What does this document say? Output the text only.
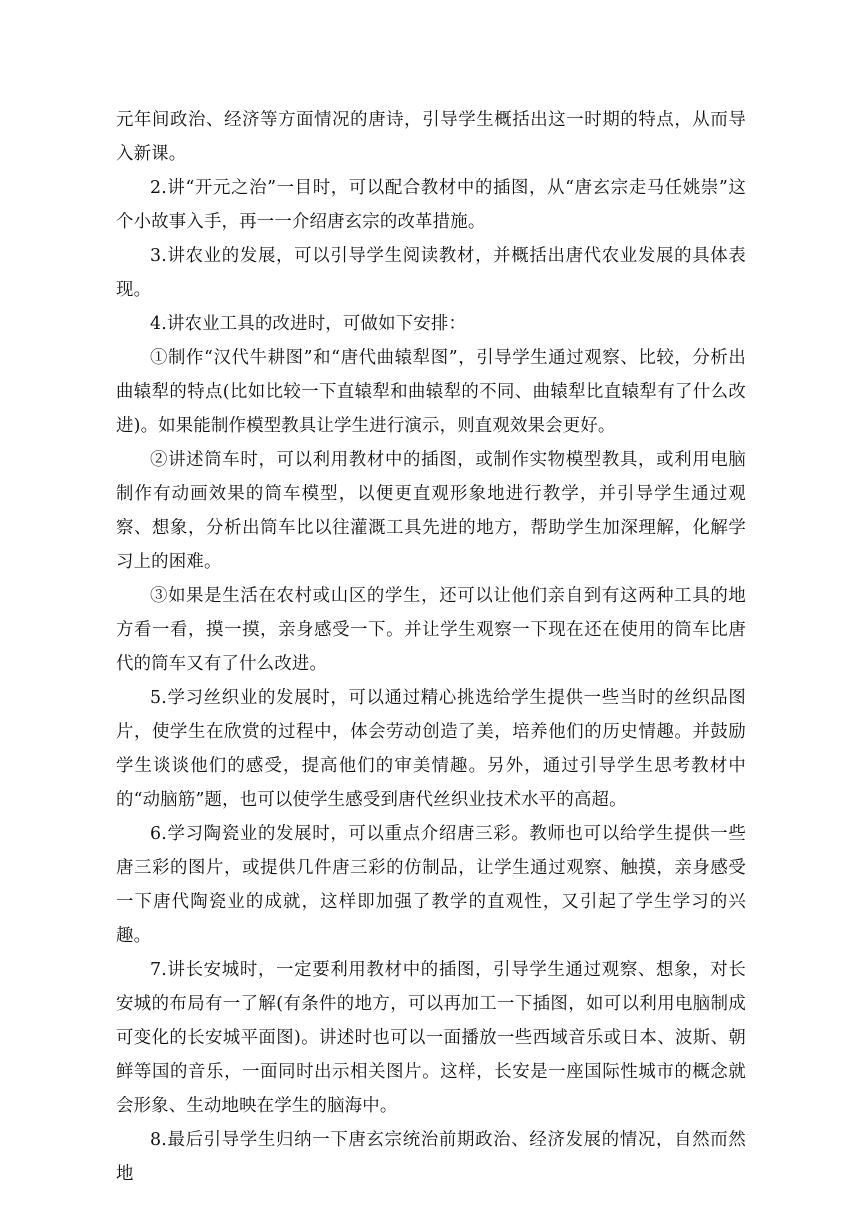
元年间政治、经济等方面情况的唐诗，引导学生概括出这一时期的特点，从而导入新课。

2.讲“开元之治”一目时，可以配合教材中的插图，从“唐玄宗走马任姚崇”这个小故事入手，再一一介绍唐玄宗的改革措施。

3.讲农业的发展，可以引导学生阅读教材，并概括出唐代农业发展的具体表现。

4.讲农业工具的改进时，可做如下安排：

①制作“汉代牛耕图”和“唐代曲辕犁图”，引导学生通过观察、比较，分析出曲辕犁的特点(比如比较一下直辕犁和曲辕犁的不同、曲辕犁比直辕犁有了什么改进)。如果能制作模型教具让学生进行演示，则直观效果会更好。

②讲述筒车时，可以利用教材中的插图，或制作实物模型教具，或利用电脑制作有动画效果的筒车模型，以便更直观形象地进行教学，并引导学生通过观察、想象，分析出筒车比以往灌溉工具先进的地方，帮助学生加深理解，化解学习上的困难。

③如果是生活在农村或山区的学生，还可以让他们亲自到有这两种工具的地方看一看，摸一摸，亲身感受一下。并让学生观察一下现在还在使用的筒车比唐代的筒车又有了什么改进。

5.学习丝织业的发展时，可以通过精心挑选给学生提供一些当时的丝织品图片，使学生在欣赏的过程中，体会劳动创造了美，培养他们的历史情趣。并鼓励学生谈谈他们的感受，提高他们的审美情趣。另外，通过引导学生思考教材中的“动脑筋”题，也可以使学生感受到唐代丝织业技术水平的高超。

6.学习陶瓷业的发展时，可以重点介绍唐三彩。教师也可以给学生提供一些唐三彩的图片，或提供几件唐三彩的仿制品，让学生通过观察、触摸，亲身感受一下唐代陶瓷业的成就，这样即加强了教学的直观性，又引起了学生学习的兴趣。

7.讲长安城时，一定要利用教材中的插图，引导学生通过观察、想象，对长安城的布局有一了解(有条件的地方，可以再加工一下插图，如可以利用电脑制成可变化的长安城平面图)。讲述时也可以一面播放一些西域音乐或日本、波斯、朝鲜等国的音乐，一面同时出示相关图片。这样，长安是一座国际性城市的概念就会形象、生动地映在学生的脑海中。

8.最后引导学生归纳一下唐玄宗统治前期政治、经济发展的情况，自然而然地
